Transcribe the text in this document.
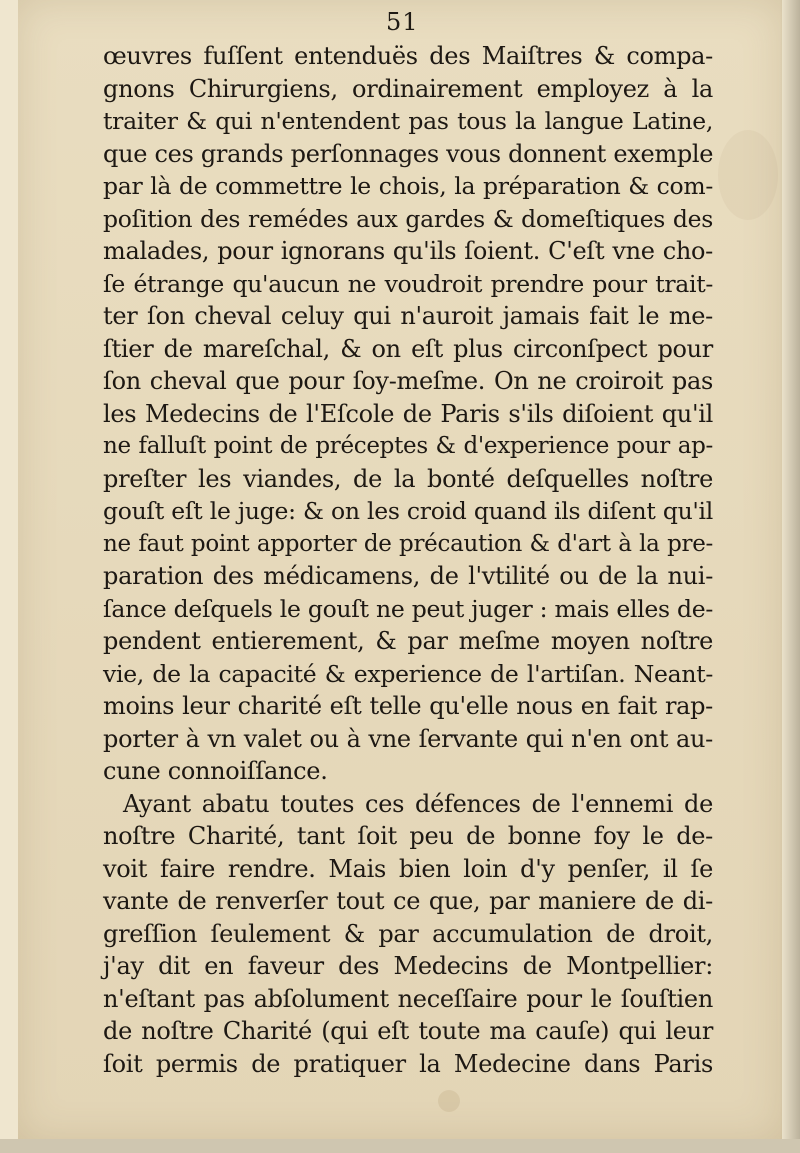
51
œuvres fuſſent entenduës des Maiſtres & compa-
gnons Chirurgiens, ordinairement employez à la
traiter & qui n'entendent pas tous la langue Latine,
que ces grands perſonnages vous donnent exemple
par là de commettre le chois, la préparation & com-
poſition des remédes aux gardes & domeſtiques des
malades, pour ignorans qu'ils ſoient. C'eſt vne cho-
ſe étrange qu'aucun ne voudroit prendre pour trait-
ter ſon cheval celuy qui n'auroit jamais fait le me-
ſtier de mareſchal, & on eſt plus circonſpect pour
ſon cheval que pour ſoy-meſme. On ne croiroit pas
les Medecins de l'Eſcole de Paris s'ils diſoient qu'il
ne falluſt point de préceptes & d'experience pour ap-
preſter les viandes, de la bonté deſquelles noſtre
gouſt eſt le juge: & on les croid quand ils diſent qu'il
ne faut point apporter de précaution & d'art à la pre-
paration des médicamens, de l'vtilité ou de la nui-
ſance deſquels le gouſt ne peut juger : mais elles de-
pendent entierement, & par meſme moyen noſtre
vie, de la capacité & experience de l'artiſan. Neant-
moins leur charité eſt telle qu'elle nous en fait rap-
porter à vn valet ou à vne ſervante qui n'en ont au-
cune connoiſſance.
Ayant abatu toutes ces défences de l'ennemi de
noſtre Charité, tant ſoit peu de bonne foy le de-
voit faire rendre. Mais bien loin d'y penſer, il ſe
vante de renverſer tout ce que, par maniere de di-
greſſion ſeulement & par accumulation de droit,
j'ay dit en faveur des Medecins de Montpellier:
n'eſtant pas abſolument neceſſaire pour le ſouſtien
de noſtre Charité (qui eſt toute ma cauſe) qui leur
ſoit permis de pratiquer la Medecine dans Paris
